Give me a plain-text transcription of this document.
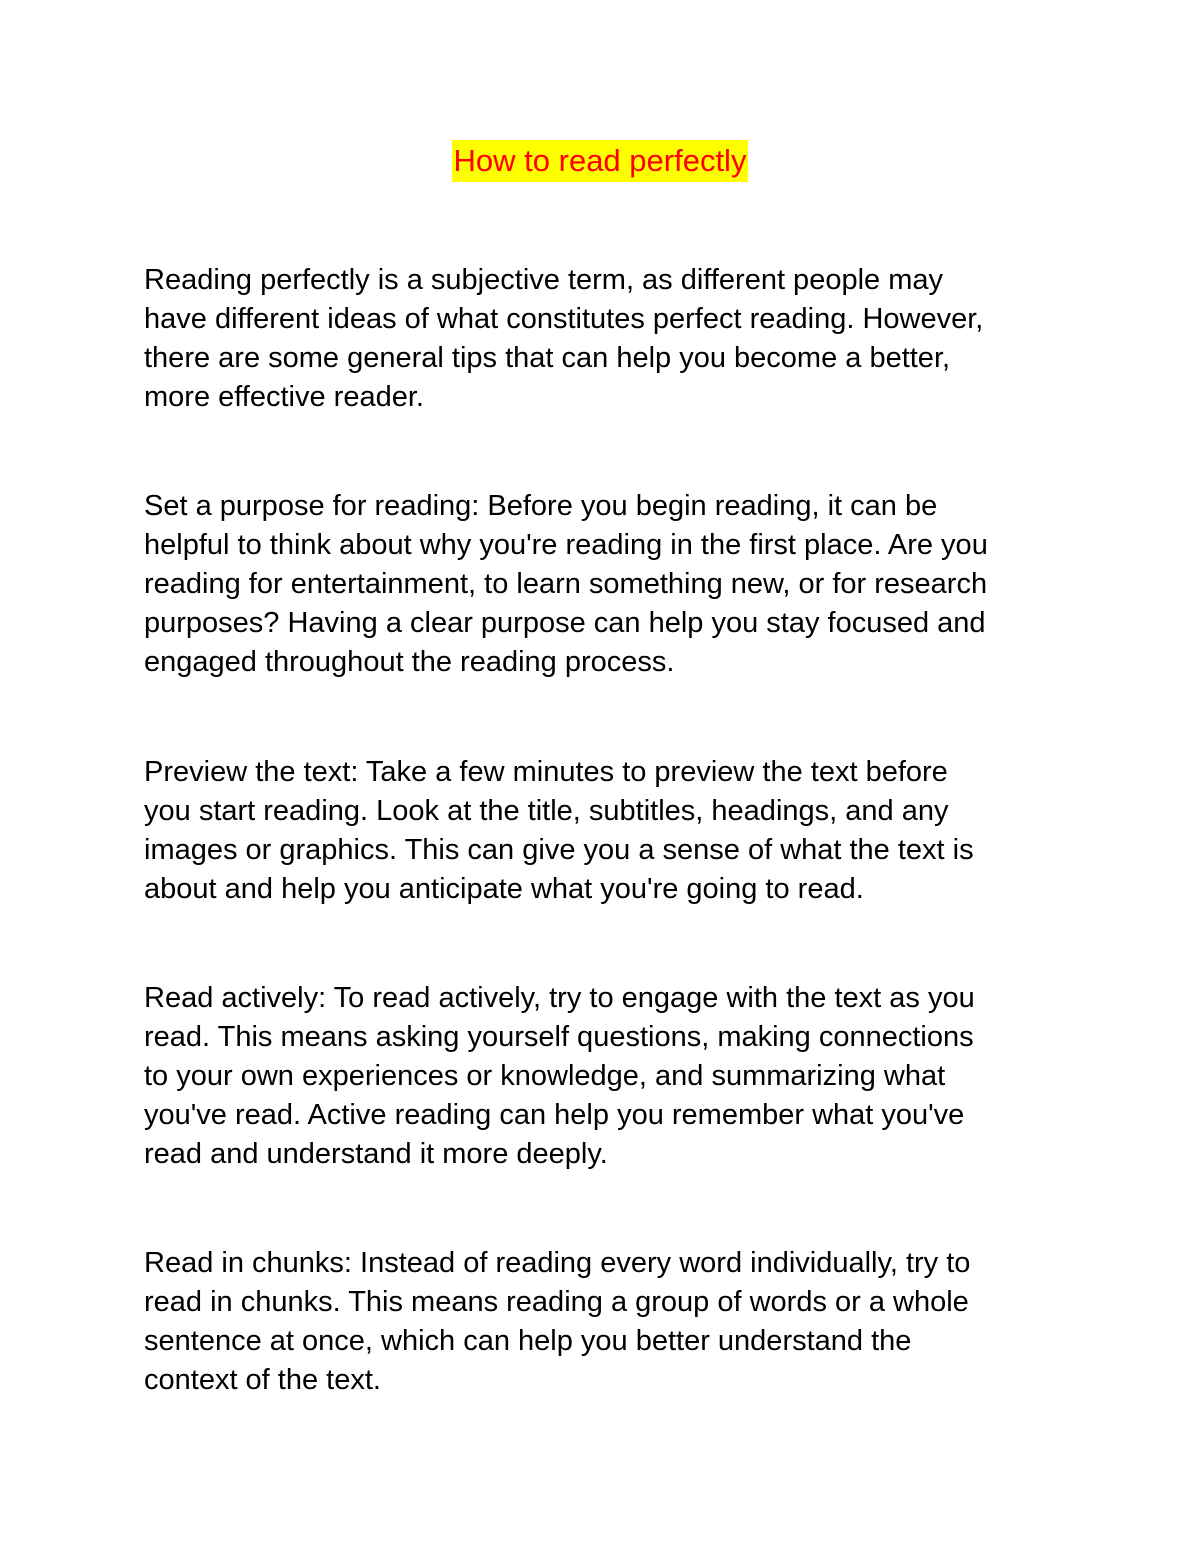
How to read perfectly

Reading perfectly is a subjective term, as different people may
have different ideas of what constitutes perfect reading. However,
there are some general tips that can help you become a better,
more effective reader.

Set a purpose for reading: Before you begin reading, it can be
helpful to think about why you're reading in the first place. Are you
reading for entertainment, to learn something new, or for research
purposes? Having a clear purpose can help you stay focused and
engaged throughout the reading process.

Preview the text: Take a few minutes to preview the text before
you start reading. Look at the title, subtitles, headings, and any
images or graphics. This can give you a sense of what the text is
about and help you anticipate what you're going to read.

Read actively: To read actively, try to engage with the text as you
read. This means asking yourself questions, making connections
to your own experiences or knowledge, and summarizing what
you've read. Active reading can help you remember what you've
read and understand it more deeply.

Read in chunks: Instead of reading every word individually, try to
read in chunks. This means reading a group of words or a whole
sentence at once, which can help you better understand the
context of the text.
